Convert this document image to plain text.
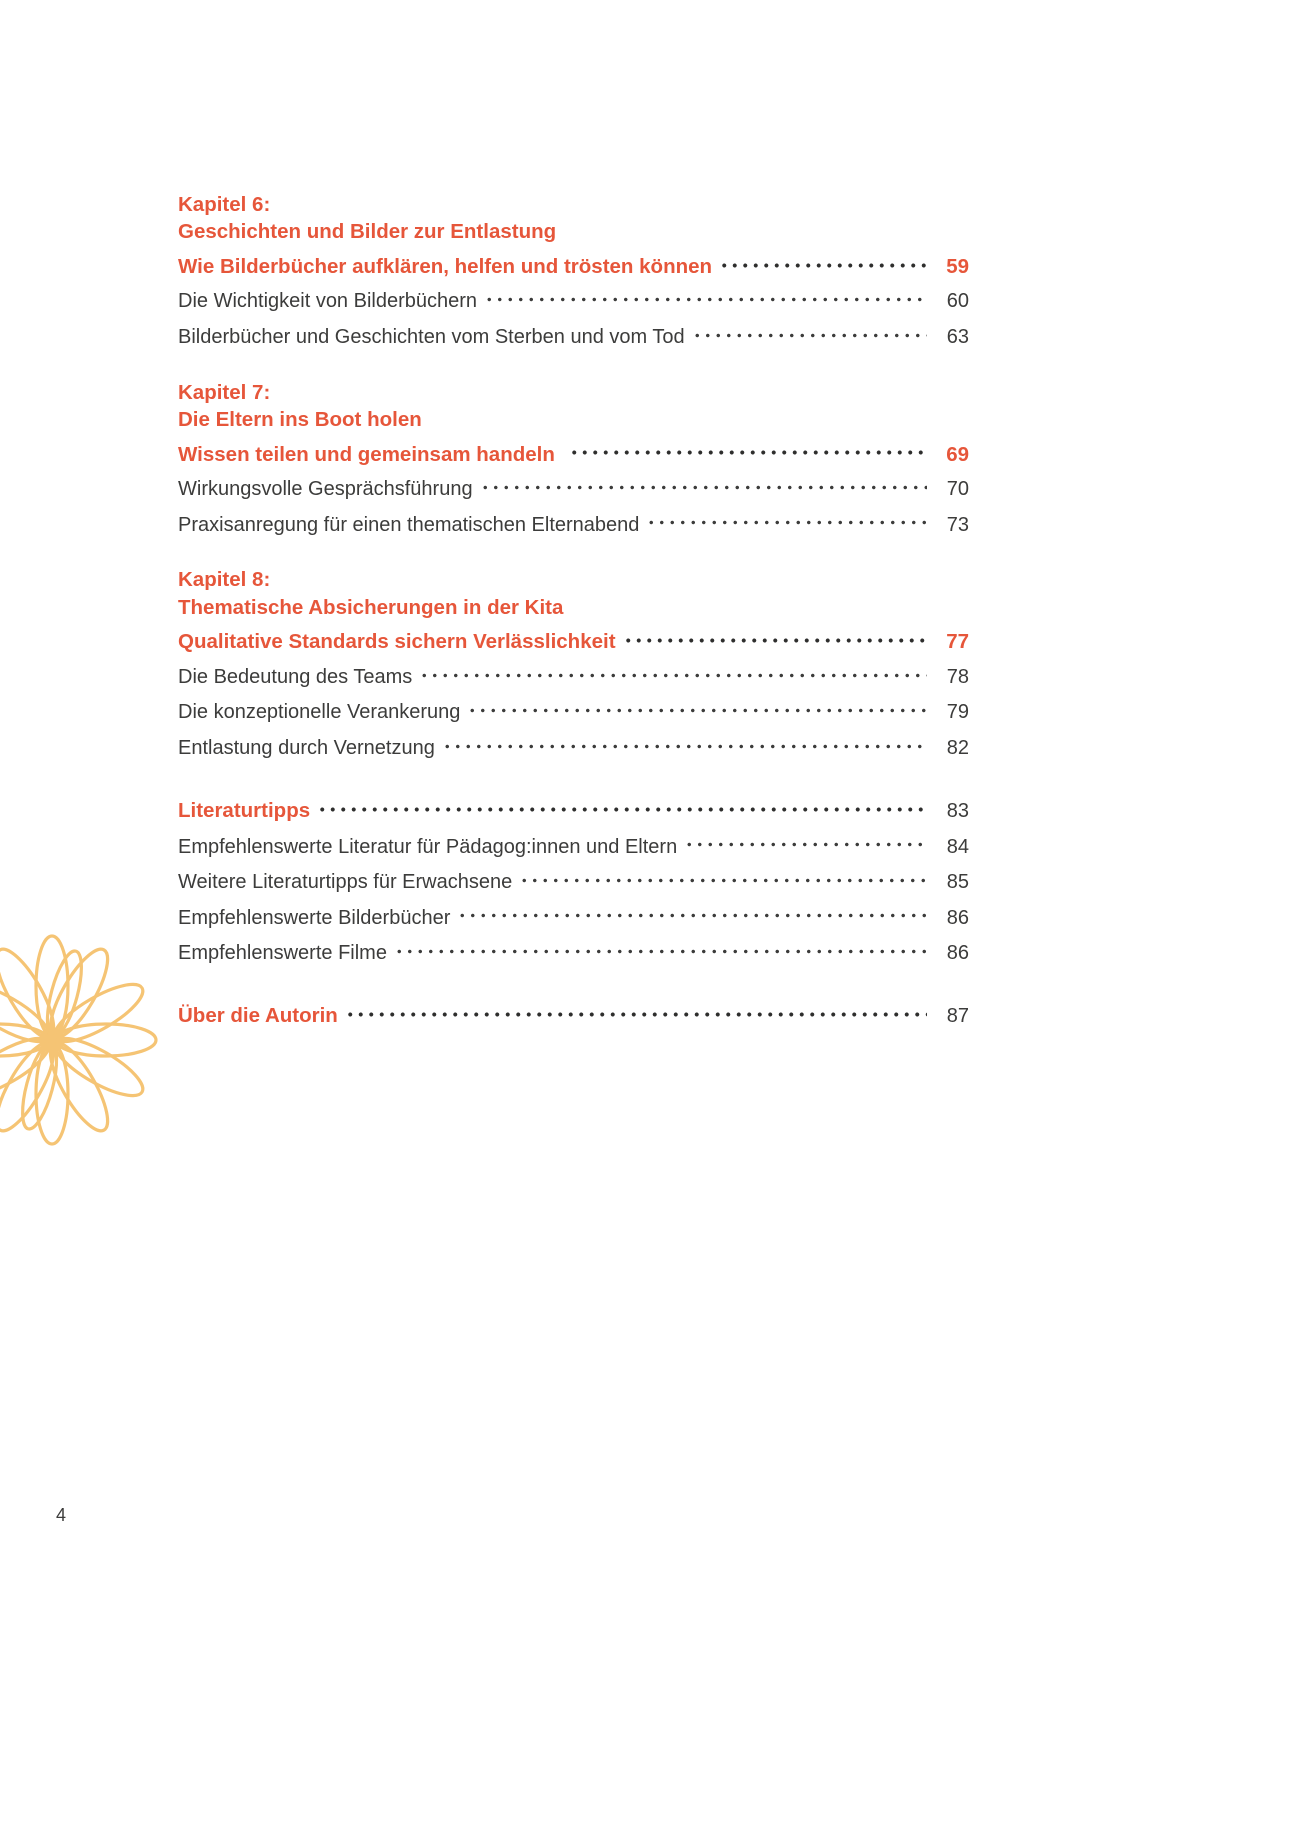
Kapitel 6:
Geschichten und Bilder zur Entlastung
Wie Bilderbücher aufklären, helfen und trösten können	59
Die Wichtigkeit von Bilderbüchern	60
Bilderbücher und Geschichten vom Sterben und vom Tod	63
Kapitel 7:
Die Eltern ins Boot holen
Wissen teilen und gemeinsam handeln	69
Wirkungsvolle Gesprächsführung	70
Praxisanregung für einen thematischen Elternabend	73
Kapitel 8:
Thematische Absicherungen in der Kita
Qualitative Standards sichern Verlässlichkeit	77
Die Bedeutung des Teams	78
Die konzeptionelle Verankerung	79
Entlastung durch Vernetzung	82
Literaturtipps	83
Empfehlenswerte Literatur für Pädagog:innen und Eltern	84
Weitere Literaturtipps für Erwachsene	85
Empfehlenswerte Bilderbücher	86
Empfehlenswerte Filme	86
Über die Autorin	87
4
